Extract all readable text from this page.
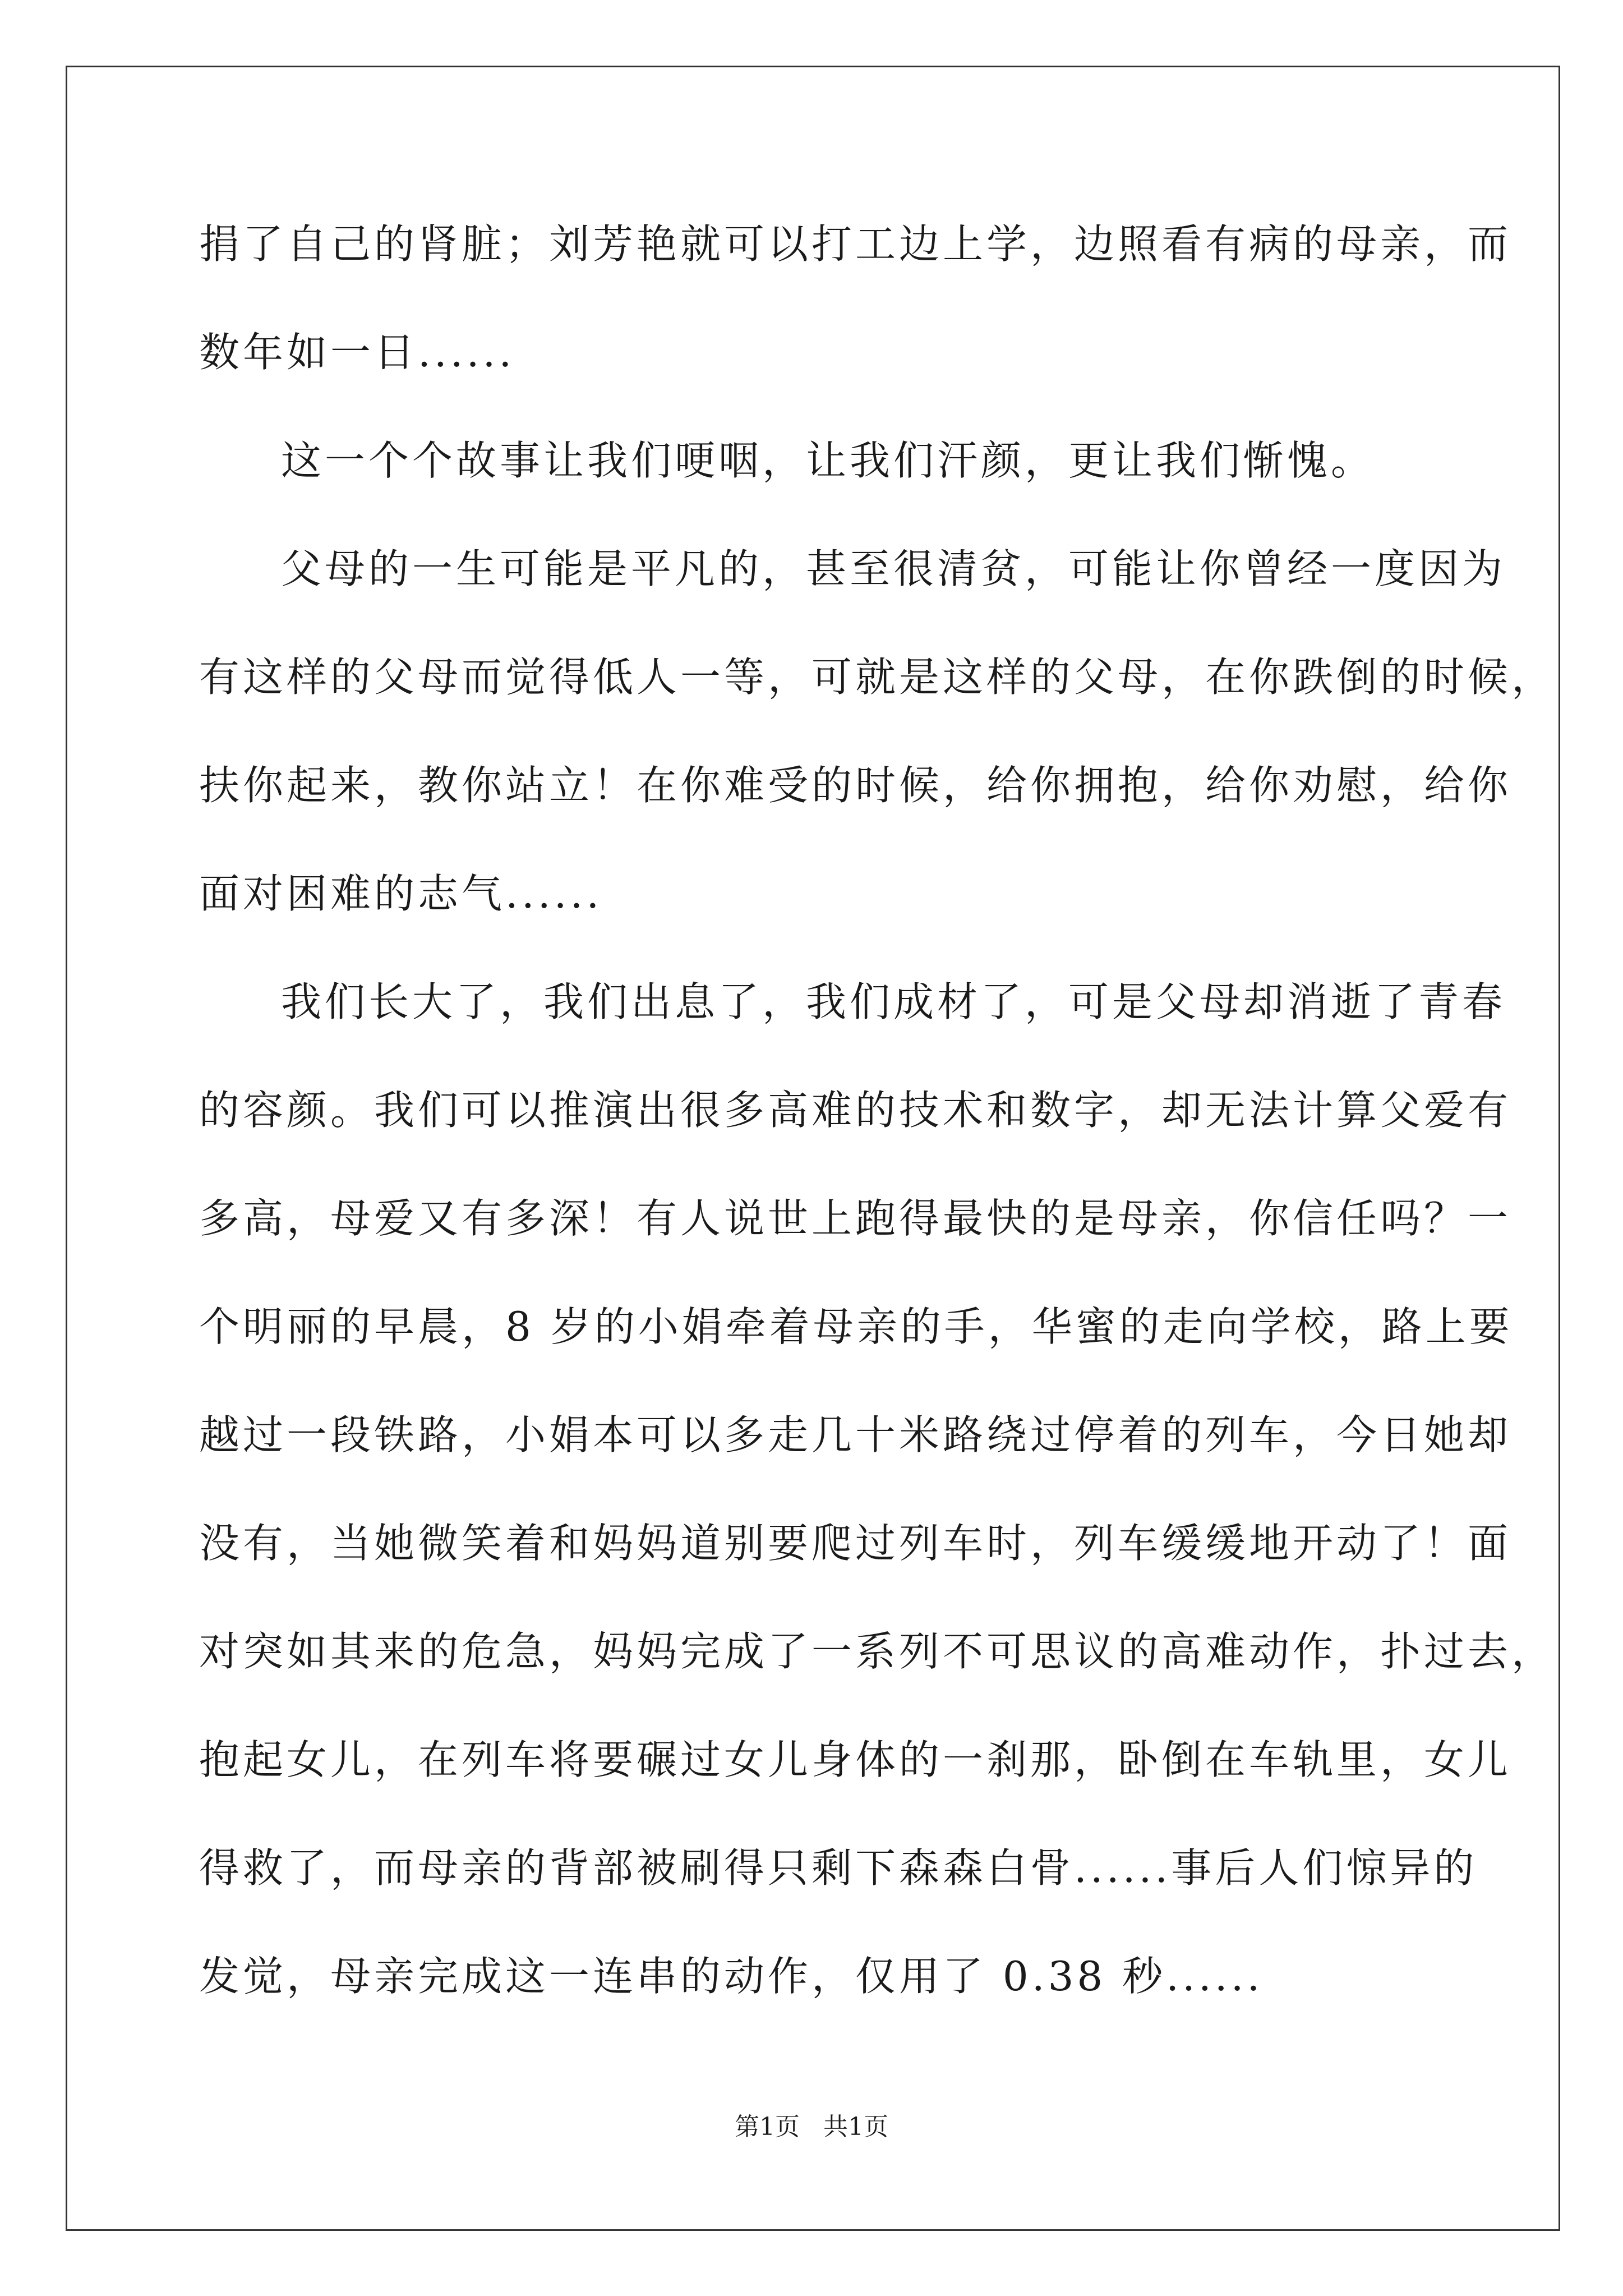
捐了自己的肾脏；刘芳艳就可以打工边上学，边照看有病的母亲，而
数年如一日......
这一个个故事让我们哽咽，让我们汗颜，更让我们惭愧。
父母的一生可能是平凡的，甚至很清贫，可能让你曾经一度因为
有这样的父母而觉得低人一等，可就是这样的父母，在你跌倒的时候，
扶你起来，教你站立！在你难受的时候，给你拥抱，给你劝慰，给你
面对困难的志气......
我们长大了，我们出息了，我们成材了，可是父母却消逝了青春
的容颜。我们可以推演出很多高难的技术和数字，却无法计算父爱有
多高，母爱又有多深！有人说世上跑得最快的是母亲，你信任吗？一
个明丽的早晨，8 岁的小娟牵着母亲的手，华蜜的走向学校，路上要
越过一段铁路，小娟本可以多走几十米路绕过停着的列车，今日她却
没有，当她微笑着和妈妈道别要爬过列车时，列车缓缓地开动了！面
对突如其来的危急，妈妈完成了一系列不可思议的高难动作，扑过去，
抱起女儿，在列车将要碾过女儿身体的一刹那，卧倒在车轨里，女儿
得救了，而母亲的背部被刷得只剩下森森白骨......事后人们惊异的
发觉，母亲完成这一连串的动作，仅用了 0.38 秒......
第1页 共1页
